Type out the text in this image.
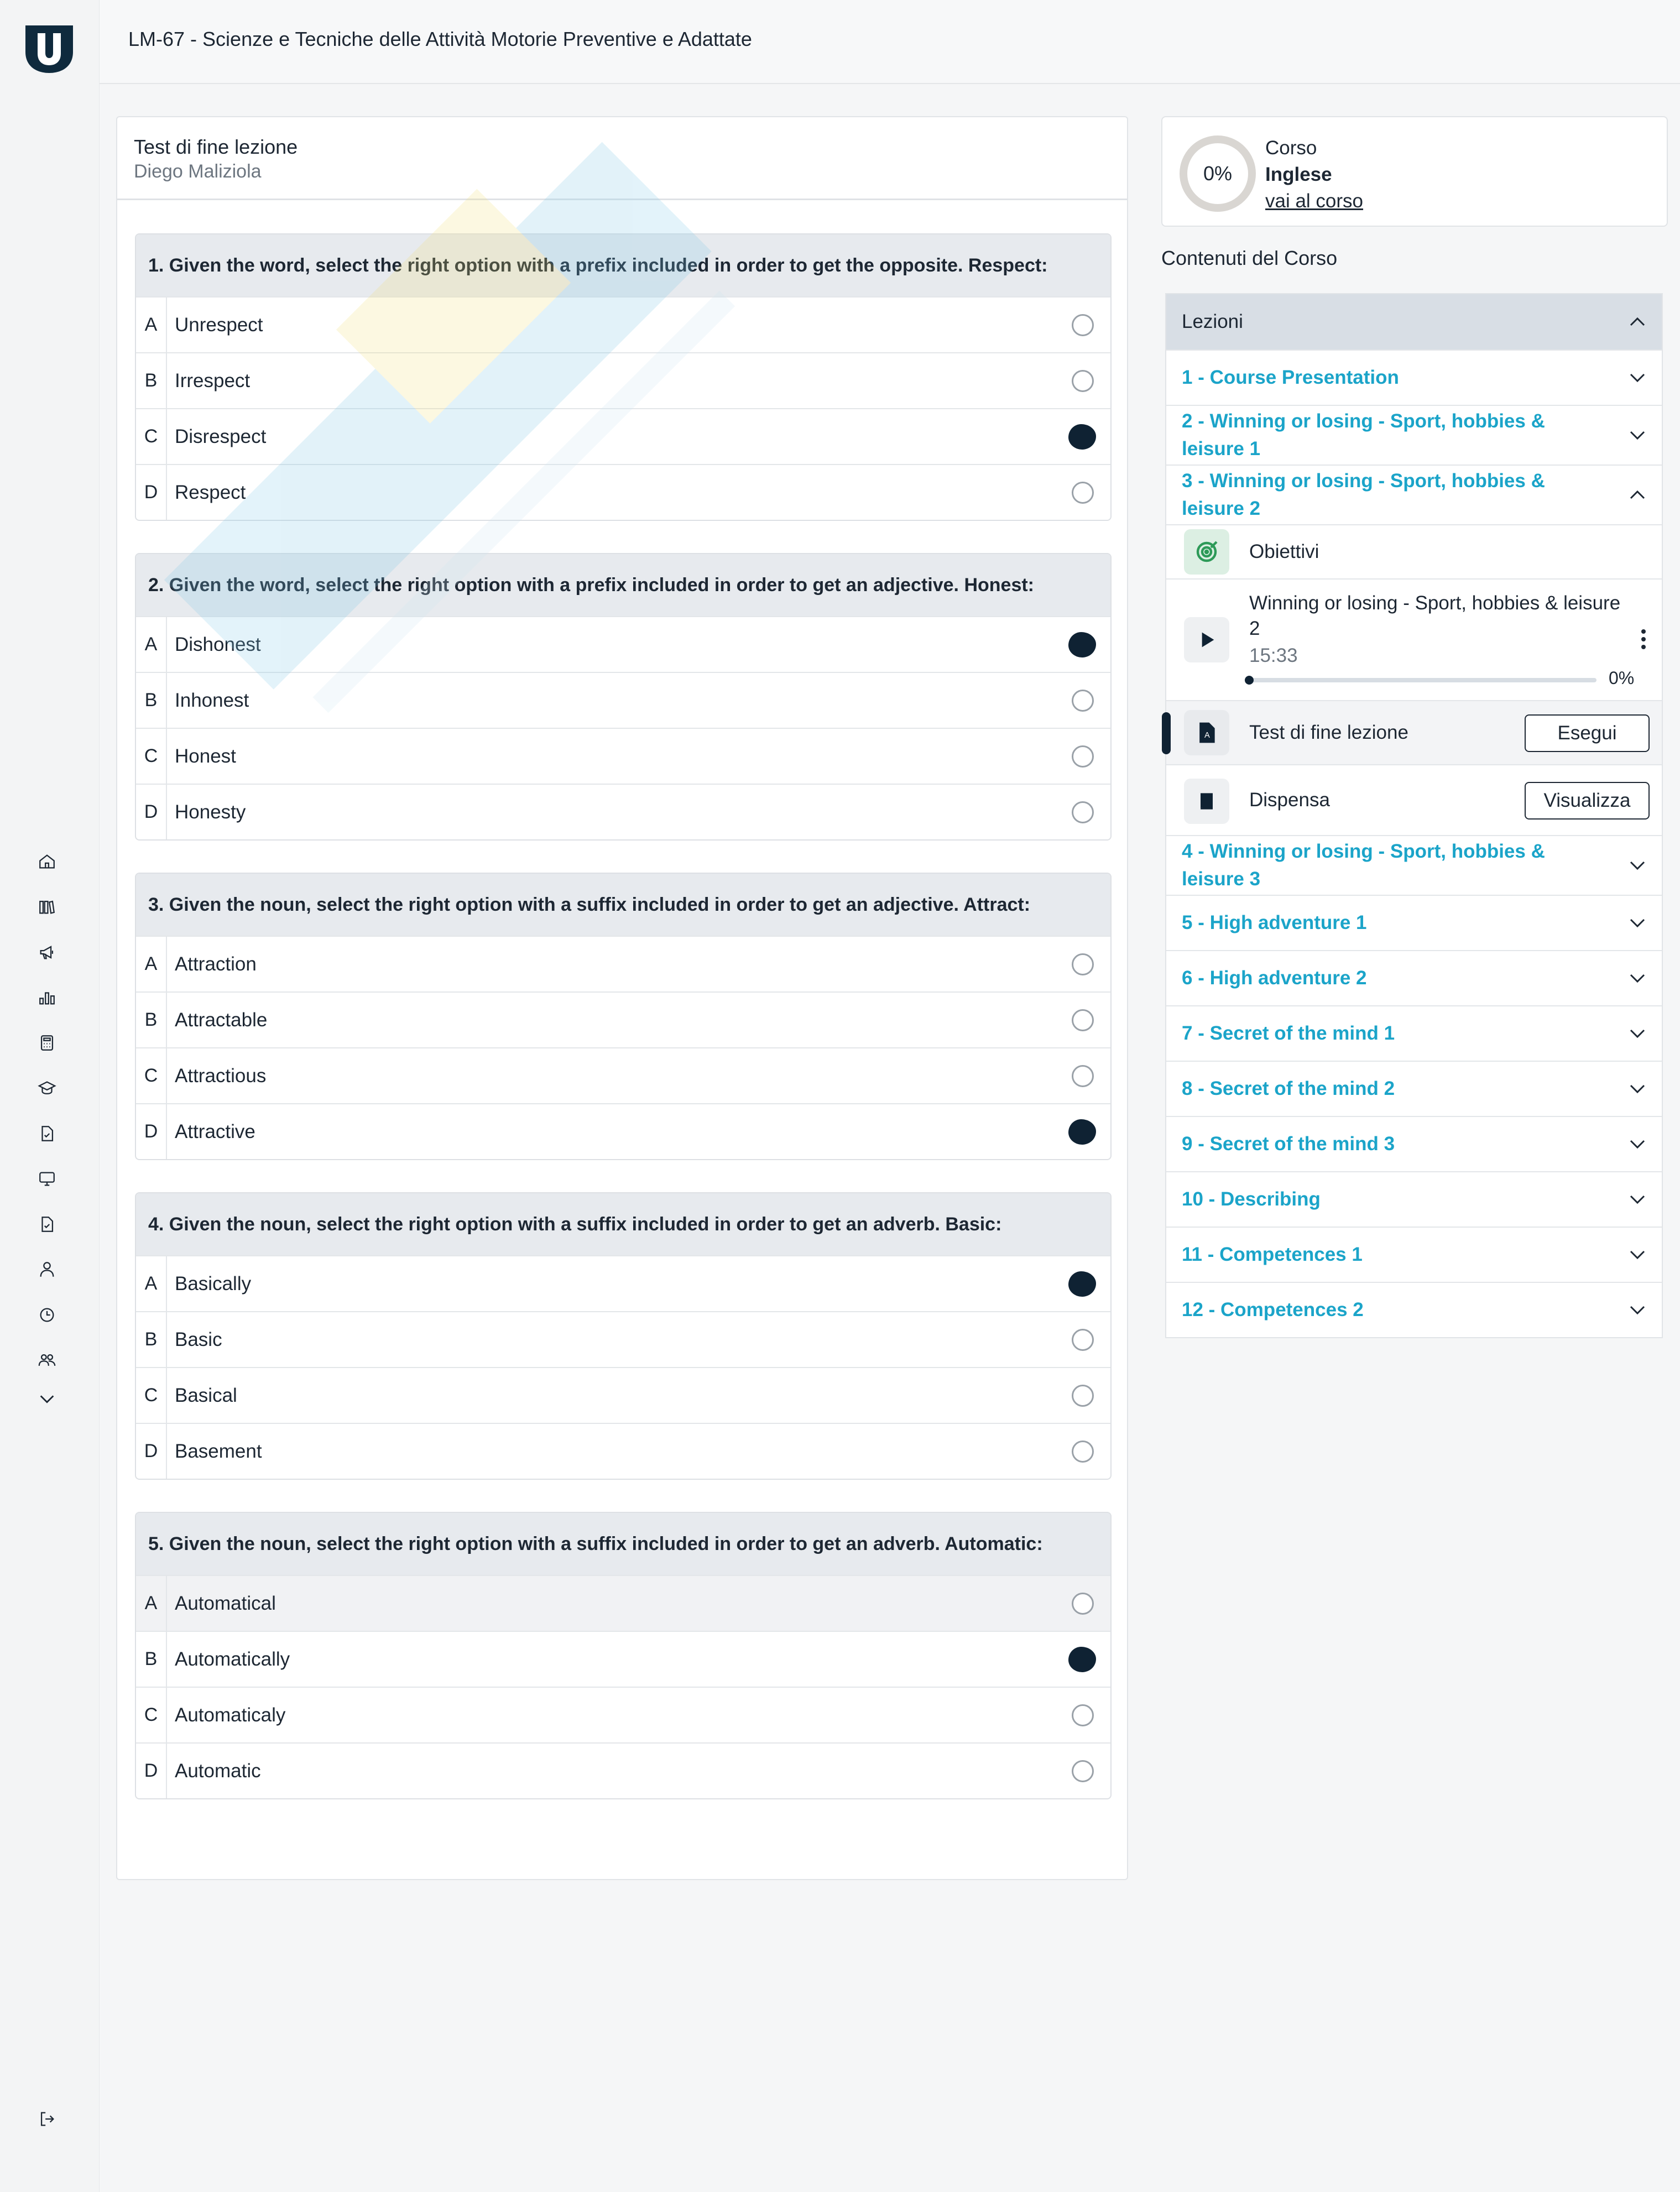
LM-67 - Scienze e Tecniche delle Attività Motorie Preventive e Adattate
Test di fine lezione
Diego Maliziola
1. Given the word, select the right option with a prefix included in order to get the opposite. Respect:
A Unrespect
B Irrespect
C Disrespect
D Respect
2. Given the word, select the right option with a prefix included in order to get an adjective. Honest:
A Dishonest
B Inhonest
C Honest
D Honesty
3. Given the noun, select the right option with a suffix included in order to get an adjective. Attract:
A Attraction
B Attractable
C Attractious
D Attractive
4. Given the noun, select the right option with a suffix included in order to get an adverb. Basic:
A Basically
B Basic
C Basical
D Basement
5. Given the noun, select the right option with a suffix included in order to get an adverb. Automatic:
A Automatical
B Automatically
C Automaticaly
D Automatic
0%
Corso
Inglese
vai al corso
Contenuti del Corso
Lezioni
1 - Course Presentation
2 - Winning or losing - Sport, hobbies & leisure 1
3 - Winning or losing - Sport, hobbies & leisure 2
Obiettivi
Winning or losing - Sport, hobbies & leisure 2
15:33
0%
A Test di fine lezione	Esegui
Dispensa	Visualizza
4 - Winning or losing - Sport, hobbies & leisure 3
5 - High adventure 1
6 - High adventure 2
7 - Secret of the mind 1
8 - Secret of the mind 2
9 - Secret of the mind 3
10 - Describing
11 - Competences 1
12 - Competences 2
